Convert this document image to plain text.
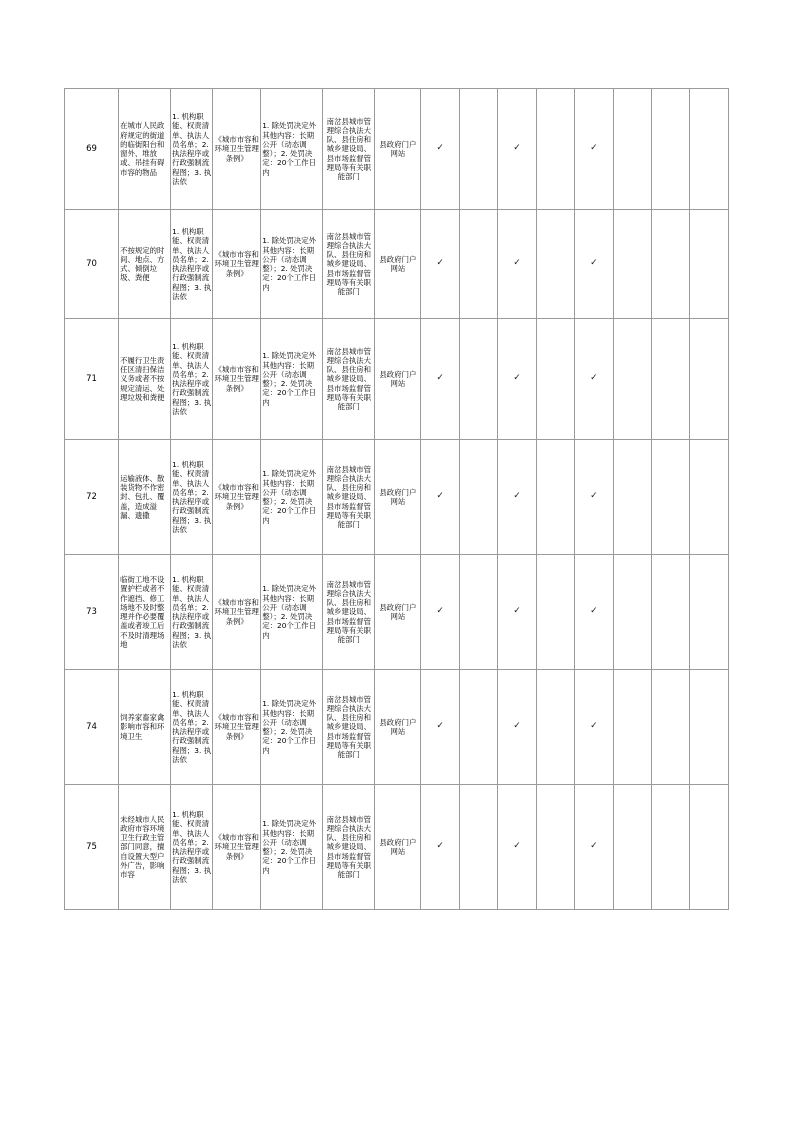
69	在城市人民政府规定的街道的临街阳台和窗外、堆放或、吊挂有碍市容的物品	1. 机构职能、权责清单、执法人员名单；2. 执法程序或行政强制流程图；3. 执法依	《城市市容和环境卫生管理条例》	1. 除处罚决定外其他内容：长期公开（动态调整）；2. 处罚决定：20个工作日内	南岔县城市管理综合执法大队、县住房和城乡建设局、县市场监督管理局等有关职能部门	县政府门户网站	✓		✓		✓			
70	不按规定的时间、地点、方式、倾倒垃圾、粪便	1. 机构职能、权责清单、执法人员名单；2. 执法程序或行政强制流程图；3. 执法依	《城市市容和环境卫生管理条例》	1. 除处罚决定外其他内容：长期公开（动态调整）；2. 处罚决定：20个工作日内	南岔县城市管理综合执法大队、县住房和城乡建设局、县市场监督管理局等有关职能部门	县政府门户网站	✓		✓		✓			
71	不履行卫生责任区清扫保洁义务或者不按规定清运、处理垃圾和粪便	1. 机构职能、权责清单、执法人员名单；2. 执法程序或行政强制流程图；3. 执法依	《城市市容和环境卫生管理条例》	1. 除处罚决定外其他内容：长期公开（动态调整）；2. 处罚决定：20个工作日内	南岔县城市管理综合执法大队、县住房和城乡建设局、县市场监督管理局等有关职能部门	县政府门户网站	✓		✓		✓			
72	运输液体、散装货物不作密封、包扎、覆盖，造成溢漏、遗撒	1. 机构职能、权责清单、执法人员名单；2. 执法程序或行政强制流程图；3. 执法依	《城市市容和环境卫生管理条例》	1. 除处罚决定外其他内容：长期公开（动态调整）；2. 处罚决定：20个工作日内	南岔县城市管理综合执法大队、县住房和城乡建设局、县市场监督管理局等有关职能部门	县政府门户网站	✓		✓		✓			
73	临街工地不设置护栏或者不作遮挡、修工场地不及时整理并作必要覆盖或者竣工后不及时清理场地	1. 机构职能、权责清单、执法人员名单；2. 执法程序或行政强制流程图；3. 执法依	《城市市容和环境卫生管理条例》	1. 除处罚决定外其他内容：长期公开（动态调整）；2. 处罚决定：20个工作日内	南岔县城市管理综合执法大队、县住房和城乡建设局、县市场监督管理局等有关职能部门	县政府门户网站	✓		✓		✓			
74	饲养家畜家禽影响市容和环境卫生	1. 机构职能、权责清单、执法人员名单；2. 执法程序或行政强制流程图；3. 执法依	《城市市容和环境卫生管理条例》	1. 除处罚决定外其他内容：长期公开（动态调整）；2. 处罚决定：20个工作日内	南岔县城市管理综合执法大队、县住房和城乡建设局、县市场监督管理局等有关职能部门	县政府门户网站	✓		✓		✓			
75	未经城市人民政府市容环境卫生行政主管部门同意，擅自设置大型户外广告，影响市容	1. 机构职能、权责清单、执法人员名单；2. 执法程序或行政强制流程图；3. 执法依	《城市市容和环境卫生管理条例》	1. 除处罚决定外其他内容：长期公开（动态调整）；2. 处罚决定：20个工作日内	南岔县城市管理综合执法大队、县住房和城乡建设局、县市场监督管理局等有关职能部门	县政府门户网站	✓		✓		✓			
